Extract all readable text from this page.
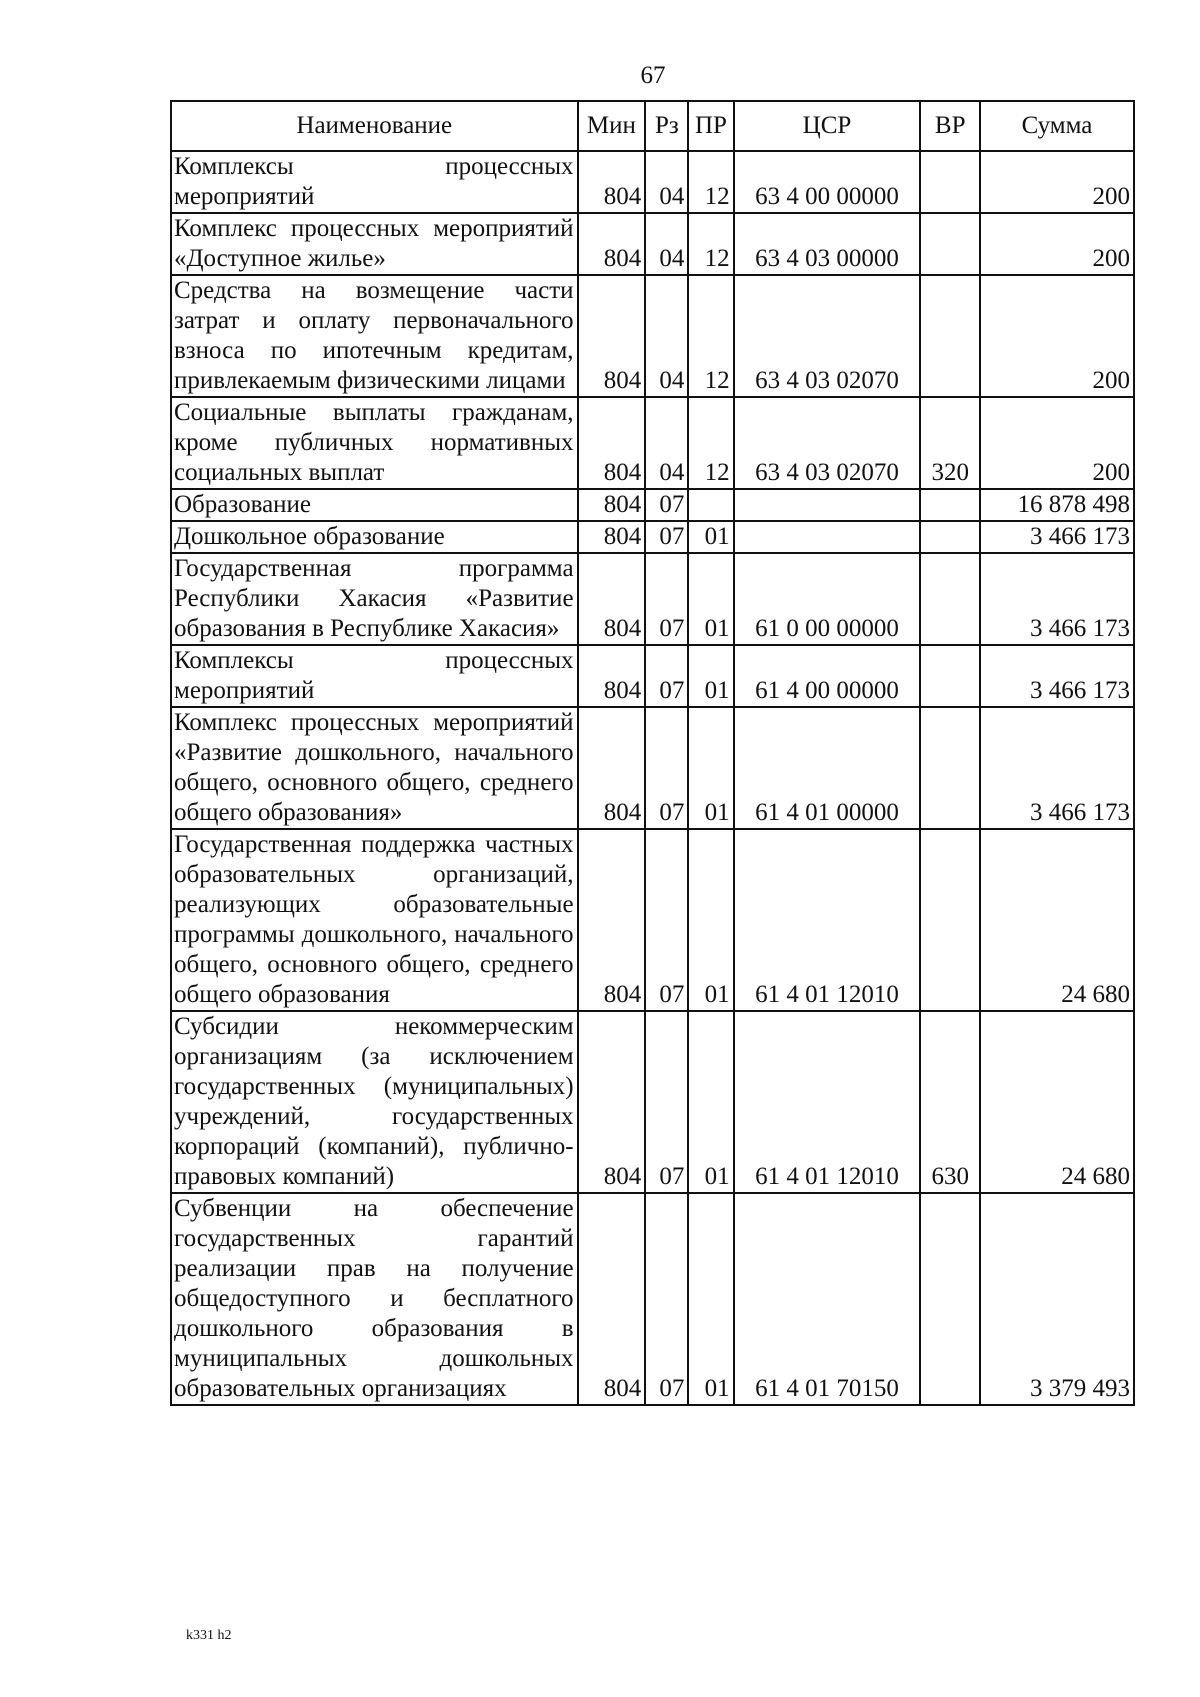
67
Наименование	Мин	Рз	ПР	ЦСР	ВР	Сумма
Комплексы процессных мероприятий	804	04	12	63 4 00 00000		200
Комплекс процессных мероприятий «Доступное жилье»	804	04	12	63 4 03 00000		200
Средства на возмещение части затрат и оплату первоначального взноса по ипотечным кредитам, привлекаемым физическими лицами	804	04	12	63 4 03 02070		200
Социальные выплаты гражданам, кроме публичных нормативных социальных выплат	804	04	12	63 4 03 02070	320	200
Образование	804	07				16 878 498
Дошкольное образование	804	07	01			3 466 173
Государственная программа Республики Хакасия «Развитие образования в Республике Хакасия»	804	07	01	61 0 00 00000		3 466 173
Комплексы процессных мероприятий	804	07	01	61 4 00 00000		3 466 173
Комплекс процессных мероприятий «Развитие дошкольного, начального общего, основного общего, среднего общего образования»	804	07	01	61 4 01 00000		3 466 173
Государственная поддержка частных образовательных организаций, реализующих образовательные программы дошкольного, начального общего, основного общего, среднего общего образования	804	07	01	61 4 01 12010		24 680
Субсидии некоммерческим организациям (за исключением государственных (муниципальных) учреждений, государственных корпораций (компаний), публично-правовых компаний)	804	07	01	61 4 01 12010	630	24 680
Субвенции на обеспечение государственных гарантий реализации прав на получение общедоступного и бесплатного дошкольного образования в муниципальных дошкольных образовательных организациях	804	07	01	61 4 01 70150		3 379 493
k331 h2
